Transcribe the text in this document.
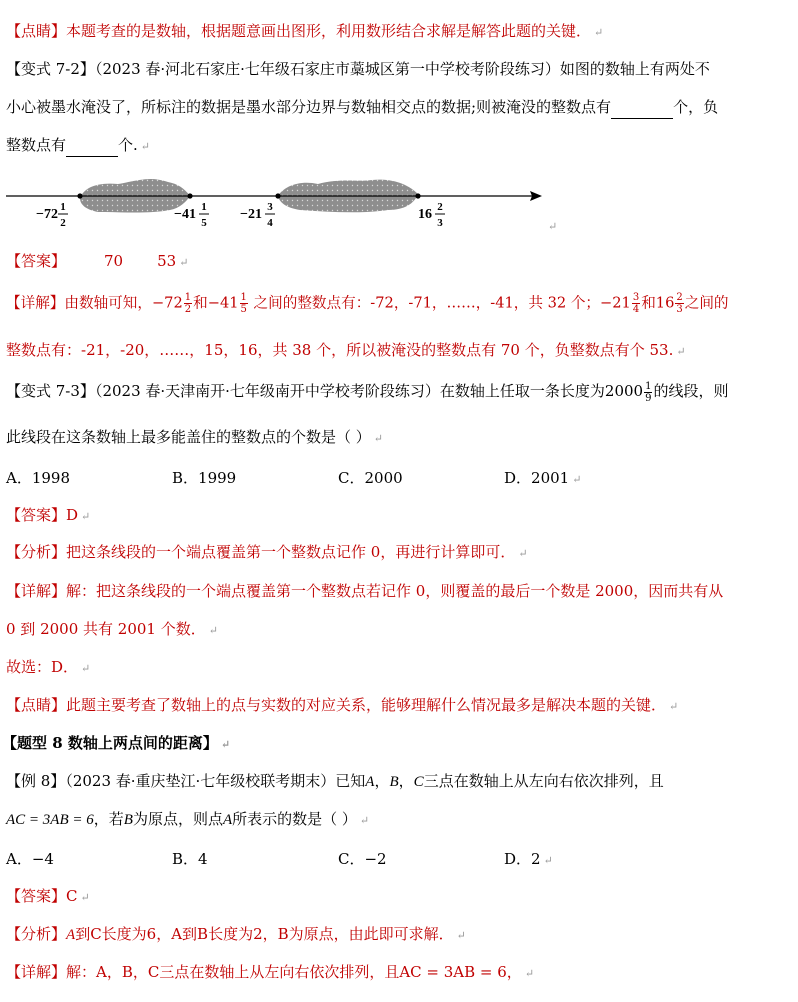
【点睛】本题考查的是数轴，根据题意画出图形，利用数形结合求解是解答此题的关键． ↵
【变式 7-2】（2023 春·河北石家庄·七年级石家庄市藁城区第一中学校考阶段练习）如图的数轴上有两处不
小心被墨水淹没了，所标注的数据是墨水部分边界与数轴相交点的数据;则被淹没的整数点有	个，负
整数点有	个. ↵
−72 1
2
−41 1
5
−21 3
4
16 2
3	↵
【答案】	70 53 ↵
【详解】由数轴可知，$-72 \frac{1}{2}$ 和$-41 \frac{1}{5}$ 之间的整数点有：-72，-71，……，-41，共 32 个；$-21 \frac{3}{4}$ 和$16 \frac{2}{3}$ 之间的
整数点有：-21，-20，……，15，16，共 38 个，所以被淹没的整数点有 70 个，负整数点有个 53. ↵
【变式 7-3】（2023 春·天津南开·七年级南开中学校考阶段练习）在数轴上任取一条长度为$2000 \frac{1}{9}$ 的线段，则
此线段在这条数轴上最多能盖住的整数点的个数是（ ） ↵
A．1998	B．1999	C．2000	D．2001 ↵
【答案】D ↵
【分析】把这条线段的一个端点覆盖第一个整数点记作 0，再进行计算即可． ↵
【详解】解：把这条线段的一个端点覆盖第一个整数点若记作 0，则覆盖的最后一个数是 2000，因而共有从
0 到 2000 共有 2001 个数． ↵
故选：D． ↵
【点睛】此题主要考查了数轴上的点与实数的对应关系，能够理解什么情况最多是解决本题的关键． ↵
【题型 8 数轴上两点间的距离】 ↵
【例 8】（2023 春·重庆垫江·七年级校联考期末）已知A，B，C三点在数轴上从左向右依次排列，且
AC = 3AB = 6，若B为原点，则点A所表示的数是（ ） ↵
A．−4	B．4	C．−2	D．2 ↵
【答案】C ↵
【分析】A到C长度为6，A到B长度为2，B为原点，由此即可求解． ↵
【详解】解：A，B，C三点在数轴上从左向右依次排列，且AC = 3AB = 6， ↵
